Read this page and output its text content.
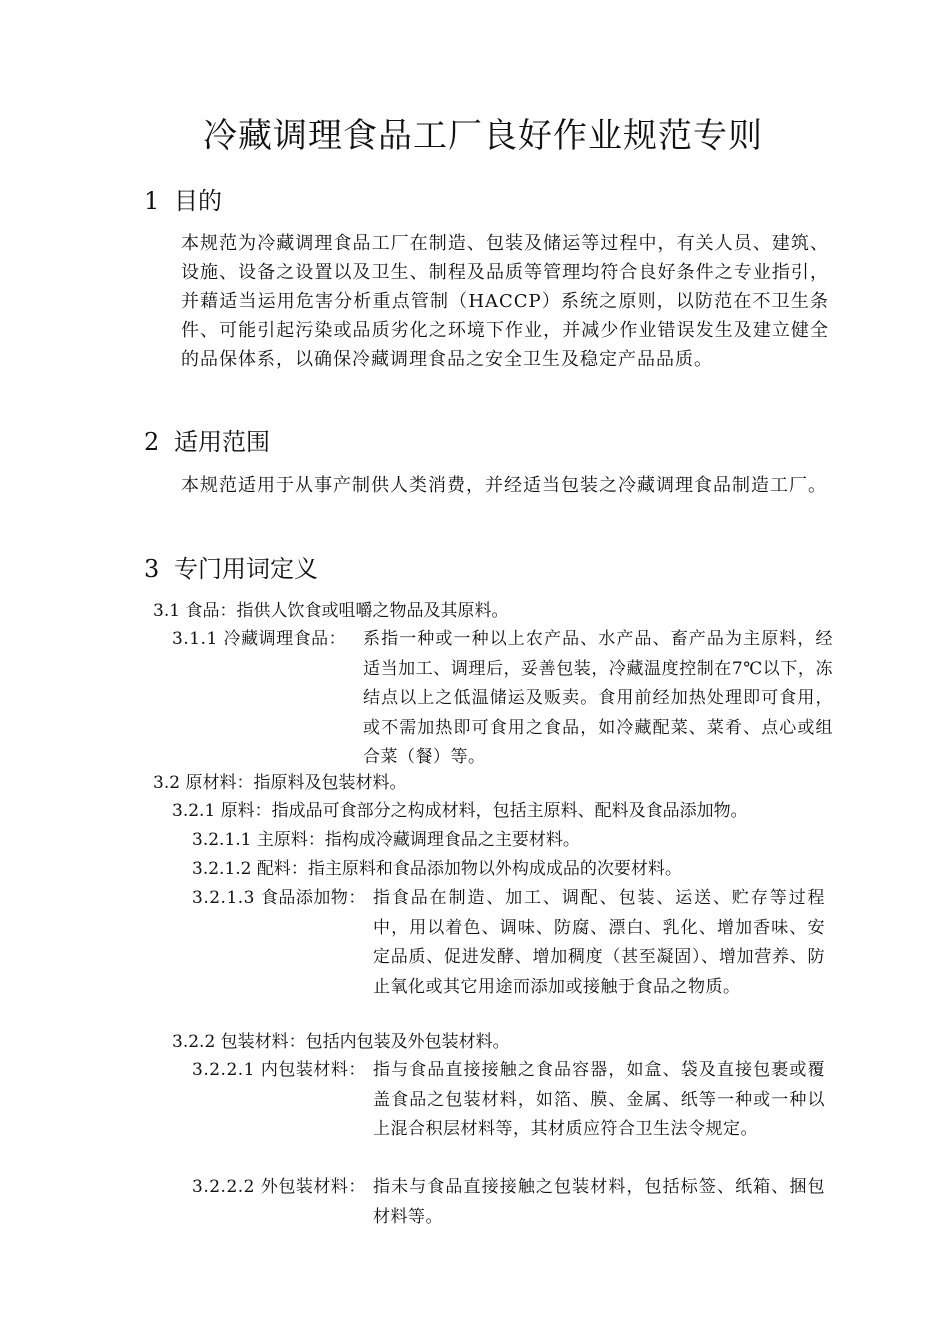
冷藏调理食品工厂良好作业规范专则
1 目的
本规范为冷藏调理食品工厂在制造、包装及储运等过程中，有关人员、建筑、设施、设备之设置以及卫生、制程及品质等管理均符合良好条件之专业指引，并藉适当运用危害分析重点管制（HACCP）系统之原则，以防范在不卫生条件、可能引起污染或品质劣化之环境下作业，并减少作业错误发生及建立健全的品保体系，以确保冷藏调理食品之安全卫生及稳定产品品质。
2 适用范围
本规范适用于从事产制供人类消费，并经适当包装之冷藏调理食品制造工厂。
3 专门用词定义
3.1 食品：指供人饮食或咀嚼之物品及其原料。
3.1.1 冷藏调理食品： 系指一种或一种以上农产品、水产品、畜产品为主原料，经适当加工、调理后，妥善包装，冷藏温度控制在7℃以下，冻结点以上之低温储运及贩卖。食用前经加热处理即可食用，或不需加热即可食用之食品，如冷藏配菜、菜肴、点心或组合菜（餐）等。
3.2 原材料：指原料及包装材料。
3.2.1 原料：指成品可食部分之构成材料，包括主原料、配料及食品添加物。
3.2.1.1 主原料：指构成冷藏调理食品之主要材料。
3.2.1.2 配料：指主原料和食品添加物以外构成成品的次要材料。
3.2.1.3 食品添加物： 指食品在制造、加工、调配、包装、运送、贮存等过程中，用以着色、调味、防腐、漂白、乳化、增加香味、安定品质、促进发酵、增加稠度（甚至凝固）、增加营养、防止氧化或其它用途而添加或接触于食品之物质。
3.2.2 包装材料：包括内包装及外包装材料。
3.2.2.1 内包装材料： 指与食品直接接触之食品容器，如盒、袋及直接包裹或覆盖食品之包装材料，如箔、膜、金属、纸等一种或一种以上混合积层材料等，其材质应符合卫生法令规定。
3.2.2.2 外包装材料： 指未与食品直接接触之包装材料，包括标签、纸箱、捆包材料等。
